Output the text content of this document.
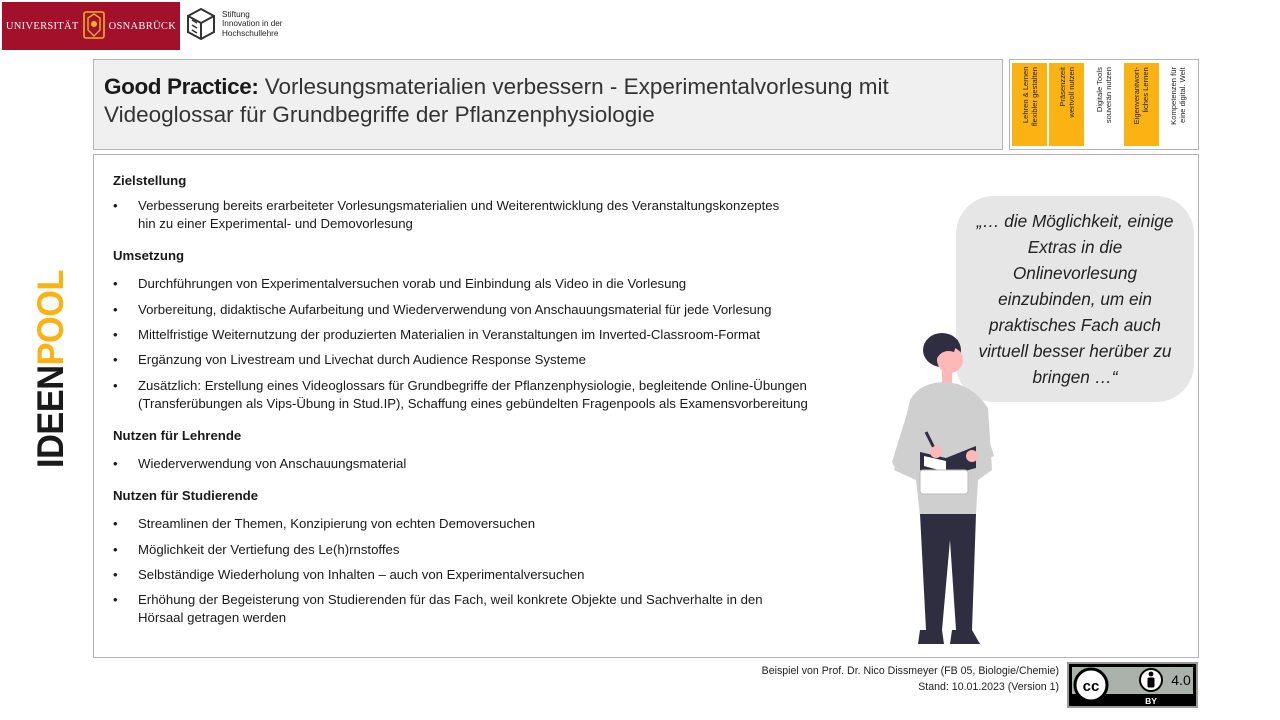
UNIVERSITÄT	OSNABRÜCK
Stiftung
Innovation in der
Hochschullehre
Good Practice: Vorlesungsmaterialien verbessern - Experimentalvorlesung mit
Videoglossar für Grundbegriffe der Pflanzenphysiologie	Lehren & Lernen
flexibler gestalten	Präsenzzeit
wertvoll nutzen
Digitale Tools
souverän nutzen	Eigenverantwort-
liches Lernen	Kompetenzen für
eine digital. Welt
IDEENPOOL
Zielstellung
• Verbesserung bereits erarbeiteter Vorlesungsmaterialien und Weiterentwicklung des Veranstaltungskonzeptes
hin zu einer Experimental- und Demovorlesung
Umsetzung
• Durchführungen von Experimentalversuchen vorab und Einbindung als Video in die Vorlesung
• Vorbereitung, didaktische Aufarbeitung und Wiederverwendung von Anschauungsmaterial für jede Vorlesung
• Mittelfristige Weiternutzung der produzierten Materialien in Veranstaltungen im Inverted-Classroom-Format
• Ergänzung von Livestream und Livechat durch Audience Response Systeme
• Zusätzlich: Erstellung eines Videoglossars für Grundbegriffe der Pflanzenphysiologie, begleitende Online-Übungen
(Transferübungen als Vips-Übung in Stud.IP), Schaffung eines gebündelten Fragenpools als Examensvorbereitung
Nutzen für Lehrende
• Wiederverwendung von Anschauungsmaterial
Nutzen für Studierende
• Streamlinen der Themen, Konzipierung von echten Demoversuchen
• Möglichkeit der Vertiefung des Le(h)rnstoffes
• Selbständige Wiederholung von Inhalten – auch von Experimentalversuchen
• Erhöhung der Begeisterung von Studierenden für das Fach, weil konkrete Objekte und Sachverhalte in den
Hörsaal getragen werden
„… die Möglichkeit, einige Extras in die Onlinevorlesung einzubinden, um ein praktisches Fach auch virtuell besser herüber zu bringen …“
Beispiel von Prof. Dr. Nico Dissmeyer (FB 05, Biologie/Chemie)
Stand: 10.01.2023 (Version 1) cc	4.0
BY
